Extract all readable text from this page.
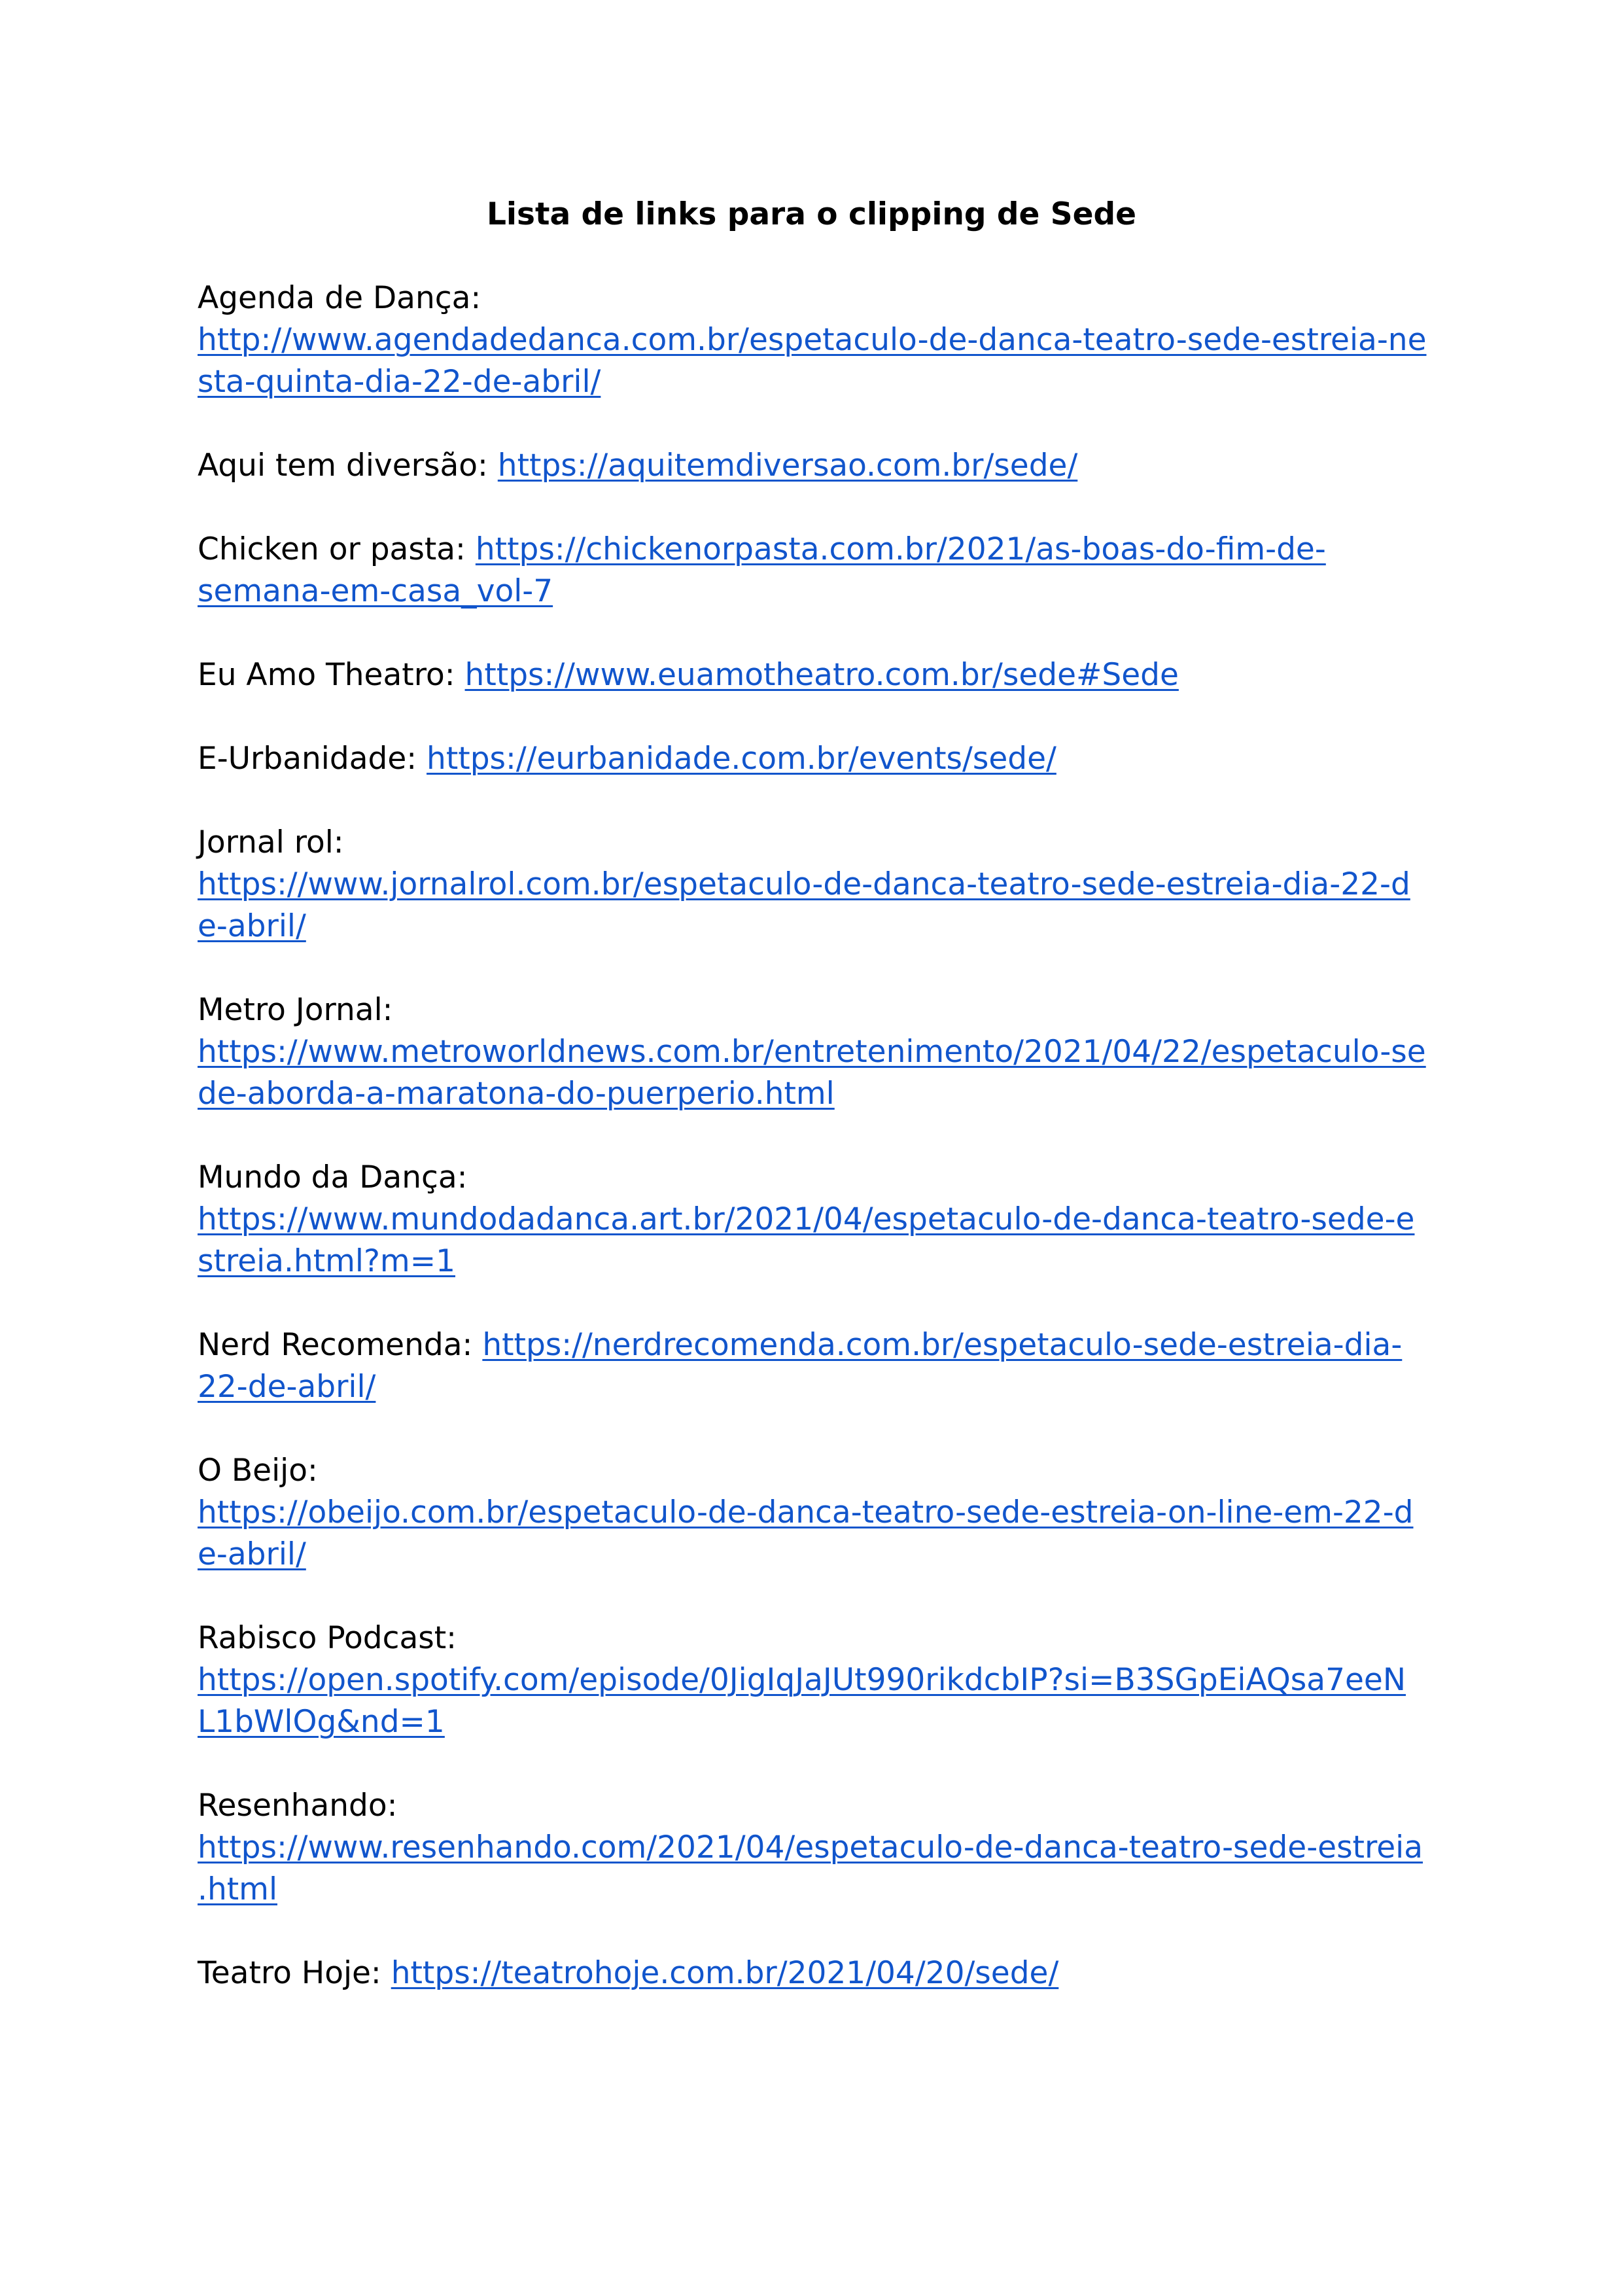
Lista de links para o clipping de Sede
Agenda de Dança:
http://www.agendadedanca.com.br/espetaculo-de-danca-teatro-sede-estreia-ne
sta-quinta-dia-22-de-abril/
Aqui tem diversão: https://aquitemdiversao.com.br/sede/
Chicken or pasta: https://chickenorpasta.com.br/2021/as-boas-do-fim-de-semana-em-casa_vol-7
Eu Amo Theatro: https://www.euamotheatro.com.br/sede#Sede
E-Urbanidade: https://eurbanidade.com.br/events/sede/
Jornal rol:
https://www.jornalrol.com.br/espetaculo-de-danca-teatro-sede-estreia-dia-22-d
e-abril/
Metro Jornal:
https://www.metroworldnews.com.br/entretenimento/2021/04/22/espetaculo-se
de-aborda-a-maratona-do-puerperio.html
Mundo da Dança:
https://www.mundodadanca.art.br/2021/04/espetaculo-de-danca-teatro-sede-e
streia.html?m=1
Nerd Recomenda: https://nerdrecomenda.com.br/espetaculo-sede-estreia-dia-22-de-abril/
O Beijo:
https://obeijo.com.br/espetaculo-de-danca-teatro-sede-estreia-on-line-em-22-d
e-abril/
Rabisco Podcast:
https://open.spotify.com/episode/0JigIqJaJUt990rikdcbIP?si=B3SGpEiAQsa7eeN
L1bWlOg&nd=1
Resenhando:
https://www.resenhando.com/2021/04/espetaculo-de-danca-teatro-sede-estreia
.html
Teatro Hoje: https://teatrohoje.com.br/2021/04/20/sede/
